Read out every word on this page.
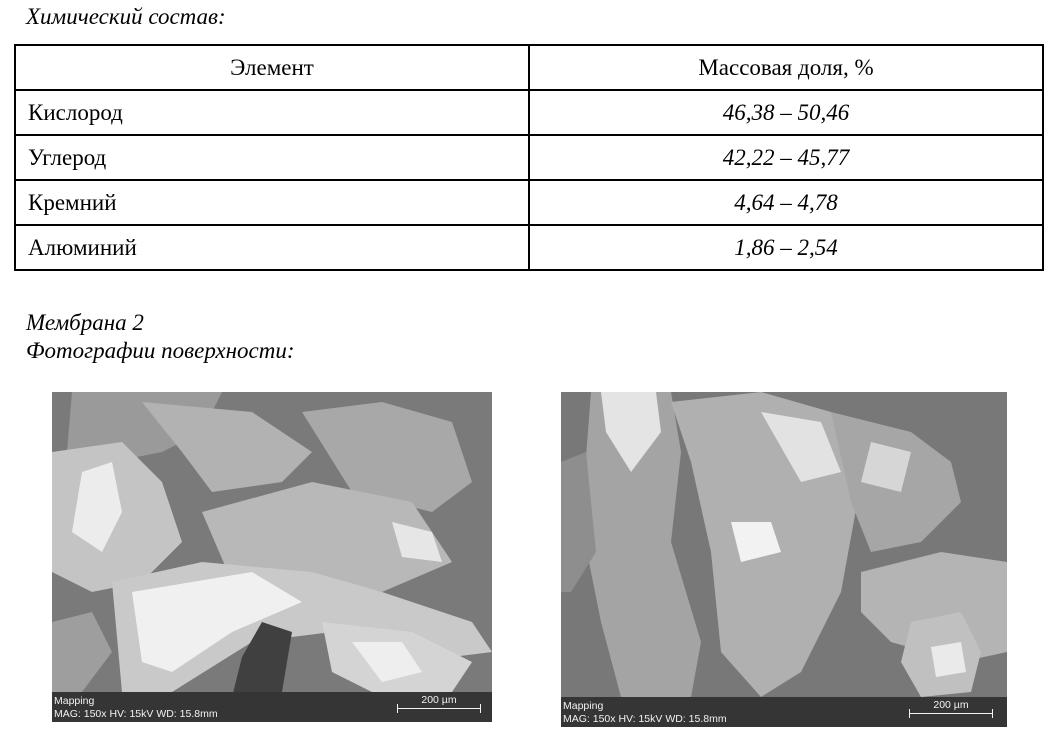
Химический состав:
Элемент	Массовая доля, %
Кислород	46,38 – 50,46
Углерод	42,22 – 45,77
Кремний	4,64 – 4,78
Алюминий	1,86 – 2,54
Мембрана 2
Фотографии поверхности:
Mapping
MAG: 150x HV: 15kV WD: 15.8mm
200 µm	Mapping
MAG: 150x HV: 15kV WD: 15.8mm
200 µm
